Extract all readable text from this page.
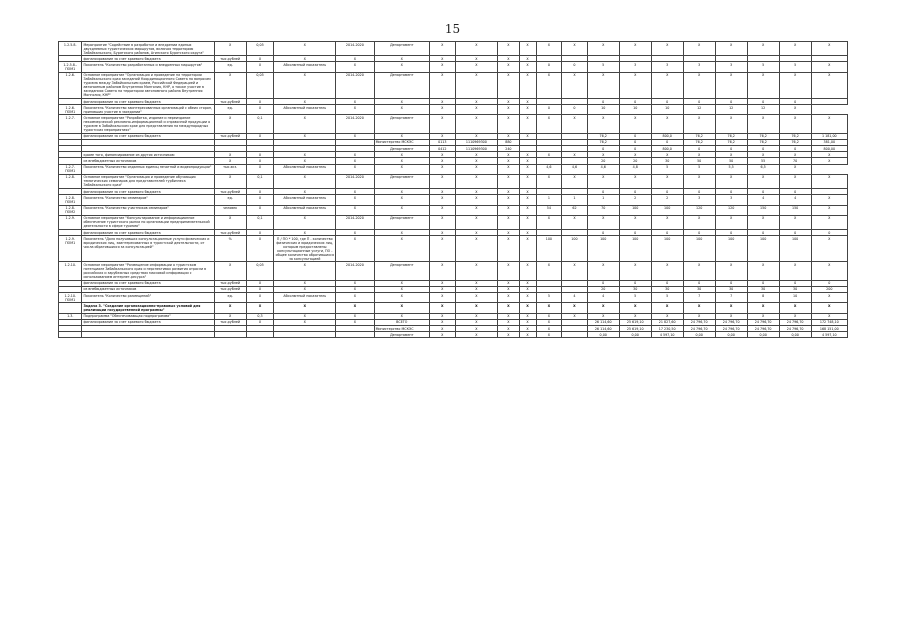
15
1.2.5.8.	Мероприятие "Содействие в разработке и внедрении единых двухдневных туристических маршрутов, включая территорию Забайкальского, Бурятского районов, Агинского Бурятского округа"	Х	0,05	Х	2014-2020	Департамент	Х	Х	Х	Х	Х	Х	Х	Х	Х	Х	Х	Х	Х	Х
	финансирование за счет краевого бюджета	тыс.рублей	Х	Х	Х	Х	Х	Х	Х	Х										
1.2.5.8.-ПОМ1	Показатель "Количество разработанных и внедренных маршрутов"	ед.	Х	Абсолютный показатель	Х	Х	Х	Х	Х	Х	0	0	5	3	3	3	3	5	5	Х
1.2.6.	Основное мероприятие "Организация и проведение на территории Забайкальского края заседаний Координационного Совета по вопросам туризма между Забайкальским краем, Российской Федерацией и автономным районом Внутренняя Монголия, КНР, а также участие в заседаниях Совета на территории автономного района Внутренняя Монголия, КНР"	Х	0,05	Х	2014-2020	Департамент	Х	Х	Х	Х	Х	Х	Х	Х	Х	Х	Х	Х	Х	Х
	финансирование за счет краевого бюджета	тыс.рублей	Х	Х	Х	Х	Х	Х	Х	Х			0	0	0	0	0	0	0	
1.2.6. ПОМ1	Показатель "Количество заинтересованных организаций с обеих сторон, принявших участие в заседании"	ед.	Х	Абсолютный показатель	Х	Х	Х	Х	Х	Х	0	0	10	10	10	12	12	12	Х	
1.2.7.	Основное мероприятие "Разработка, издание и переиздание некоммерческой рекламно-информационной и справочной продукции о туризме в Забайкальском крае для представления на международных туристских мероприятиях"	Х	0,1	Х	2014-2020	Департамент	Х	Х	Х	Х	Х	Х	Х	Х	Х	Х	Х	Х	Х	Х
	финансирование за счет краевого бюджета	тыс.рублей	Х	Х	Х	Х	Х	Х	Х	Х			76,2	0	800,0	76,2	76,2	76,2	76,2	1 181,00
						Министерство МСКЭС	0113	1110969300	880				76,2	0	0	76,2	76,2	76,2	76,2	381,00
						Департамент	0412	1110969300	240				0	0	800,0	0	0	0	0	800,00
	кроме того, финансирование из других источников:	Х	Х	Х	Х	Х	Х	Х	Х	Х	Х	Х	Х	Х	Х	Х	Х	Х	Х	Х
	из внебюджетных источников	Х	Х	Х	Х	Х	Х	Х	Х	Х			20	20	30	50	50	55	70	Х
1.2.7. ПОМ1	Показатель "Количество изданных единиц печатной и видеопродукции"	тыс.экз.	Х	Абсолютный показатель	Х	Х	Х	Х	Х	Х	4,6	4,6	4,6	4,8	5	5	5,5	6,5	Х	
1.2.8.	Основное мероприятие "Организация и проведение обучающих тематических семинаров для представителей турбизнеса Забайкальского края"	Х	0,1	Х	2014-2020	Департамент	Х	Х	Х	Х	Х	Х	Х	Х	Х	Х	Х	Х	Х	Х
	финансирование за счет краевого бюджета	тыс.рублей	Х	Х	Х	Х	Х	Х	Х	Х			0	0	0	0	0	0	0	
1.2.8. ПОМ1	Показатель "Количество семинаров"	ед.	Х	Абсолютный показатель	Х	Х	Х	Х	Х	Х	1	1	1	2	2	3	3	4	4	Х
1.2.8. ПОМ2	Показатель "Количество участников семинаров"	человек	Х	Абсолютный показатель	Х	Х	Х	Х	Х	Х	54	62	70	100	100	120	120	150	150	Х
1.2.9.	Основное мероприятие "Консультирование и информационное обеспечение туристского рынка по организации предпринимательской деятельности в сфере туризма"	Х	0,1	Х	2014-2020	Департамент	Х	Х	Х	Х	Х	Х	Х	Х	Х	Х	Х	Х	Х	Х
	финансирование за счет краевого бюджета	тыс.рублей	Х	Х	Х	Х	Х	Х	Х	Х			0	0	0	0	0	0	0	0
1.2.9. ПОМ1	Показатель "Доля получивших консультационные услуги физических и юридических лиц, заинтересованных в туристской деятельности, от числа обратившихся за консультацией"	%	Х	П / ПО * 100, где П - количество физических и юридических лиц, которым предоставлены консультационные услуги, ПО - общее количество обратившихся за консультацией	Х	Х	Х	Х	Х	Х	100	100	100	100	100	100	100	100	100	Х
1.2.10.	Основное мероприятие "Размещение информации о туристском потенциале Забайкальского края и перспективах развития отрасли в российских и зарубежных средствах массовой информации с использованием интернет-ресурса"	Х	0,05	Х	2014-2020	Департамент	Х	Х	Х	Х	Х	Х	Х	Х	Х	Х	Х	Х	Х	Х
	финансирование за счет краевого бюджета	тыс.рублей	Х	Х	Х	Х	Х	Х	Х	Х			0	0	0	0	0	0	0	0
	из внебюджетных источников	тыс.рублей	Х	Х	Х	Х	Х	Х	Х	Х			20	30	30	30	30	30	30	200
1.2.10. ПОМ1	Показатель "Количество размещений"	ед.	Х	Абсолютный показатель	Х	Х	Х	Х	Х	Х	5	4	4	5	5	7	7	8	10	Х
	Задача 3. "Создание организационно-правовых условий для реализации государственной программы"	Х	Х	Х	Х	Х	Х	Х	Х	Х	Х	Х	Х	Х	Х	Х	Х	Х	Х	Х
1.3.	Подпрограмма "Обеспечивающая подпрограмма"	Х	0,3	Х	Х	Х	Х	Х	Х	Х	Х	Х	Х	Х	Х	Х	Х	Х	Х	Х
	финансирование за счет краевого бюджета	тыс.рублей	Х	Х	Х	ВСЕГО	Х	Х	Х	Х	Х		26 114,60	25 619,10	21 827,60	24 796,70	24 796,70	24 796,70	24 796,70	172 748,10
						Министерство МСКЭС	Х	Х	Х	Х	Х		26 114,60	25 619,10	17 230,50	24 796,70	24 796,70	24 796,70	24 796,70	168 151,00
						Департамент	Х	Х	Х	Х	Х		0,00	0,00	4 597,10	0,00	0,00	0,00	0,00	4 597,10
